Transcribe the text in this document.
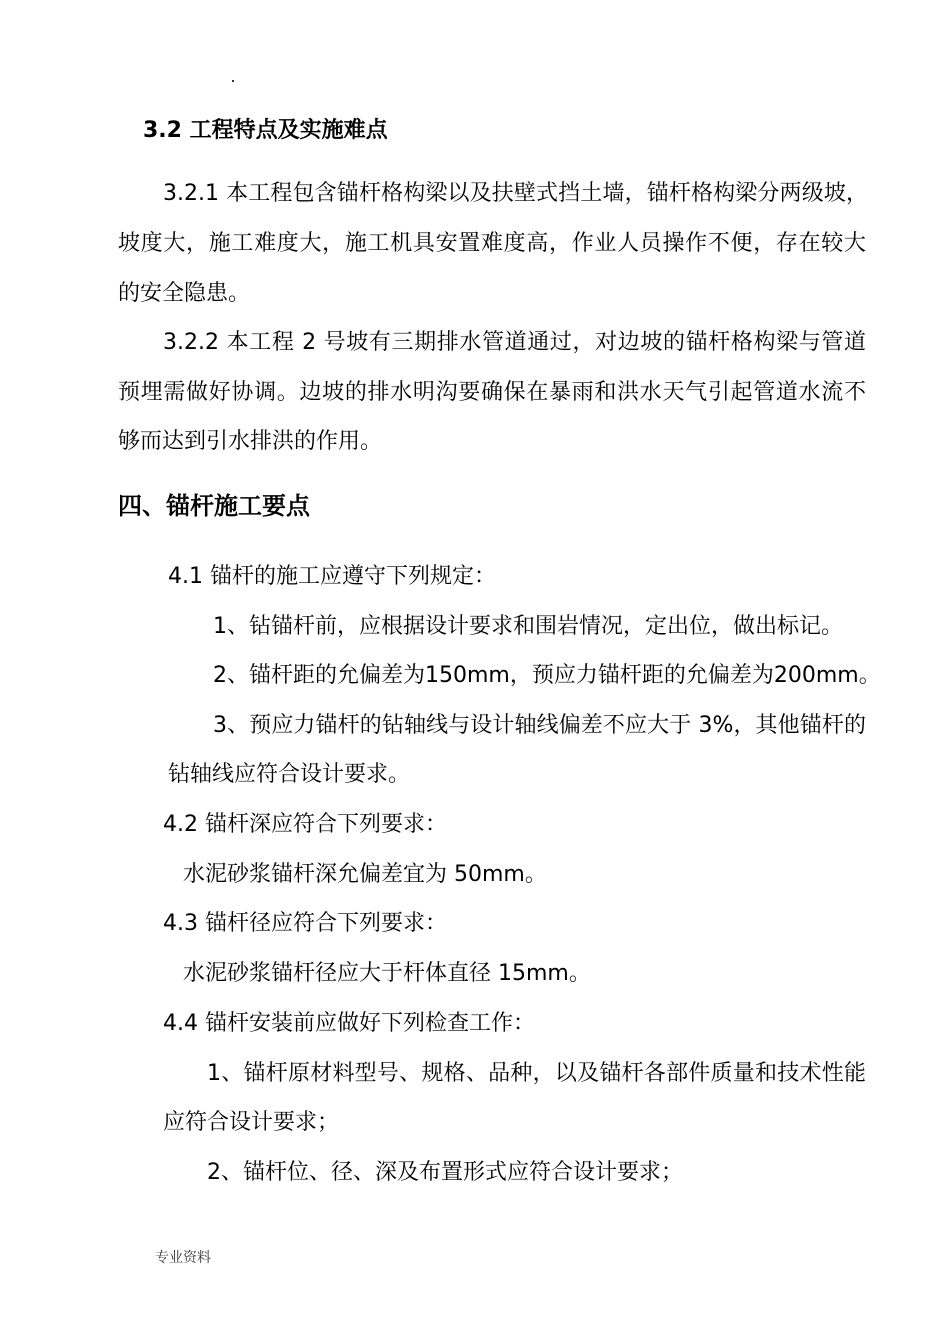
3.2 工程特点及实施难点
3.2.1 本工程包含锚杆格构梁以及扶壁式挡土墙，锚杆格构梁分两级坡，
坡度大，施工难度大，施工机具安置难度高，作业人员操作不便，存在较大
的安全隐患。
3.2.2 本工程 2 号坡有三期排水管道通过，对边坡的锚杆格构梁与管道
预埋需做好协调。边坡的排水明沟要确保在暴雨和洪水天气引起管道水流不
够而达到引水排洪的作用。
四、锚杆施工要点
4.1 锚杆的施工应遵守下列规定：
1、钻锚杆前，应根据设计要求和围岩情况，定出位，做出标记。
2、锚杆距的允偏差为150mm，预应力锚杆距的允偏差为200mm。
3、预应力锚杆的钻轴线与设计轴线偏差不应大于 3%，其他锚杆的
钻轴线应符合设计要求。
4.2 锚杆深应符合下列要求：
水泥砂浆锚杆深允偏差宜为 50mm。
4.3 锚杆径应符合下列要求：
水泥砂浆锚杆径应大于杆体直径 15mm。
4.4 锚杆安装前应做好下列检查工作：
1、锚杆原材料型号、规格、品种，以及锚杆各部件质量和技术性能
应符合设计要求；
2、锚杆位、径、深及布置形式应符合设计要求；
专业资料
